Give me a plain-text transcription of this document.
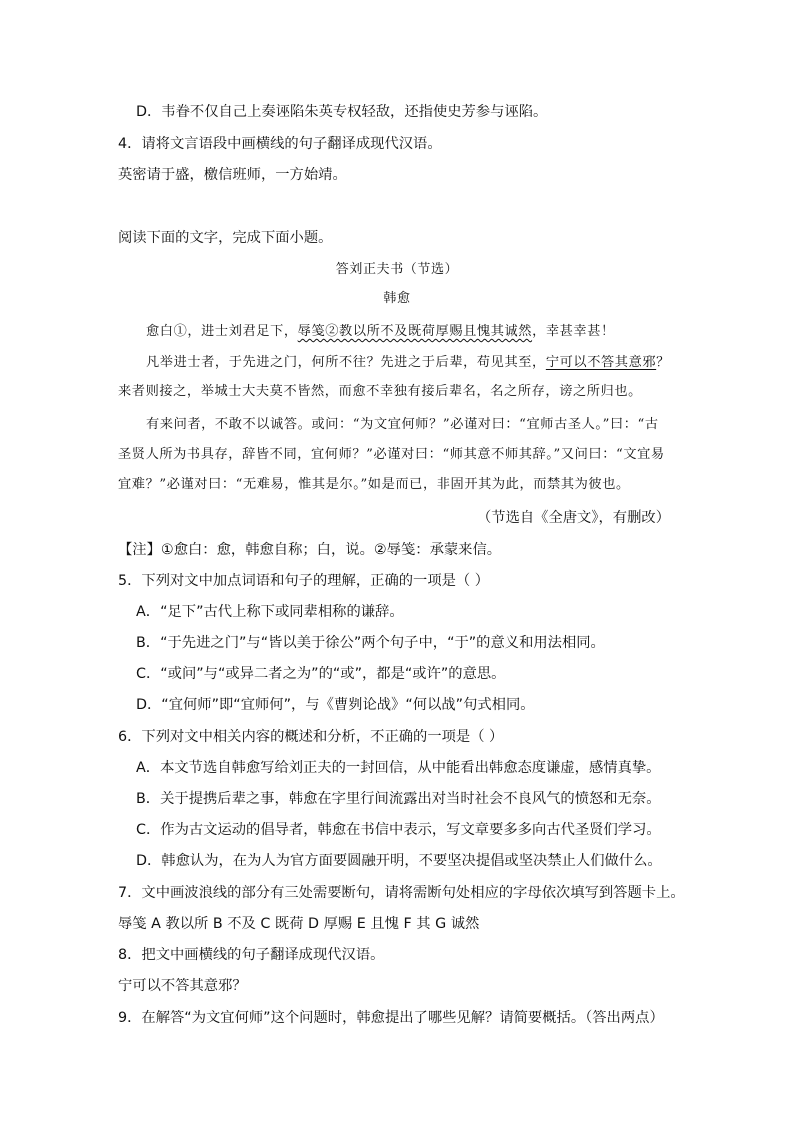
D．韦眷不仅自己上奏诬陷朱英专权轻敌，还指使史芳参与诬陷。
4．请将文言语段中画横线的句子翻译成现代汉语。
英密请于盛，檄信班师，一方始靖。
阅读下面的文字，完成下面小题。
答刘正夫书（节选）
韩愈
愈白①，进士刘君足下，辱笺②教以所不及既荷厚赐且愧其诚然，幸甚幸甚！
凡举进士者，于先进之门，何所不往？先进之于后辈，苟见其至，宁可以不答其意邪？
来者则接之，举城士大夫莫不皆然，而愈不幸独有接后辈名，名之所存，谤之所归也。
有来问者，不敢不以诚答。或问：“为文宜何师？”必谨对曰：“宜师古圣人。”曰：“古
圣贤人所为书具存，辞皆不同，宜何师？”必谨对曰：“师其意不师其辞。”又问曰：“文宜易
宜难？”必谨对曰：“无难易，惟其是尔。”如是而已，非固开其为此，而禁其为彼也。
（节选自《全唐文》，有删改）
【注】①愈白：愈，韩愈自称；白，说。②辱笺：承蒙来信。
5．下列对文中加点词语和句子的理解，正确的一项是（ ）
A．“足下”古代上称下或同辈相称的谦辞。
B．“于先进之门”与“皆以美于徐公”两个句子中，“于”的意义和用法相同。
C．“或问”与“或异二者之为”的“或”，都是“或许”的意思。
D．“宜何师”即“宜师何”，与《曹刿论战》“何以战”句式相同。
6．下列对文中相关内容的概述和分析，不正确的一项是（ ）
A．本文节选自韩愈写给刘正夫的一封回信，从中能看出韩愈态度谦虚，感情真挚。
B．关于提携后辈之事，韩愈在字里行间流露出对当时社会不良风气的愤怒和无奈。
C．作为古文运动的倡导者，韩愈在书信中表示，写文章要多多向古代圣贤们学习。
D．韩愈认为，在为人为官方面要圆融开明，不要坚决提倡或坚决禁止人们做什么。
7．文中画波浪线的部分有三处需要断句，请将需断句处相应的字母依次填写到答题卡上。
辱笺 A 教以所 B 不及 C 既荷 D 厚赐 E 且愧 F 其 G 诚然
8．把文中画横线的句子翻译成现代汉语。
宁可以不答其意邪？
9．在解答“为文宜何师”这个问题时，韩愈提出了哪些见解？请简要概括。（答出两点）
